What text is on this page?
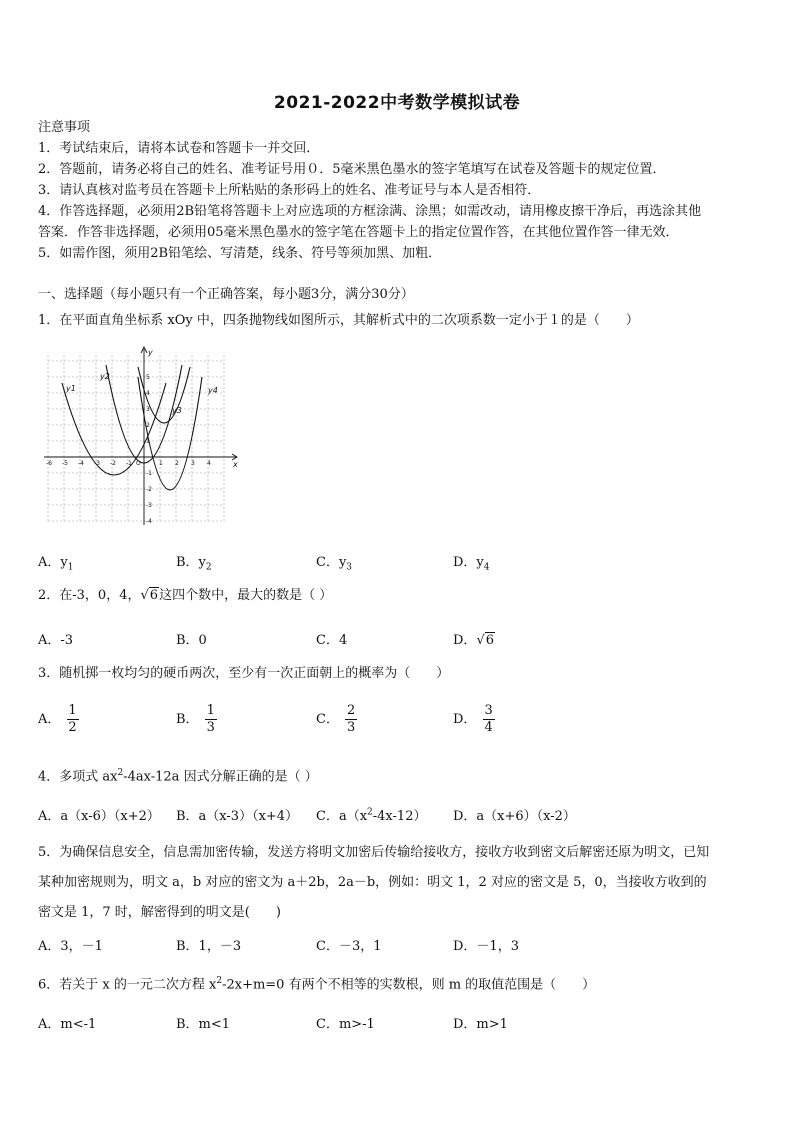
2021-2022中考数学模拟试卷
注意事项
1．考试结束后，请将本试卷和答题卡一并交回．
2．答题前，请务必将自己的姓名、准考证号用０．5毫米黑色墨水的签字笔填写在试卷及答题卡的规定位置．
3．请认真核对监考员在答题卡上所粘贴的条形码上的姓名、准考证号与本人是否相符．
4．作答选择题，必须用2B铅笔将答题卡上对应选项的方框涂满、涂黑；如需改动，请用橡皮擦干净后，再选涂其他
答案．作答非选择题，必须用05毫米黑色墨水的签字笔在答题卡上的指定位置作答，在其他位置作答一律无效．
5．如需作图，须用2B铅笔绘、写清楚，线条、符号等须加黑、加粗．
一、选择题（每小题只有一个正确答案，每小题3分，满分30分）
1．在平面直角坐标系 xOy 中，四条抛物线如图所示，其解析式中的二次项系数一定小于１的是（　　）
y1
y2
y4
x
y
O
-6 -5 -4 -3 -2 -1	1 2 3 4
5
4
3
2
1
-1
-2
-3
-4
y3
A．$y_1$	B．$y_2$	C．$y_3$	D．$y_4$
2．在-3，0，4，√6这四个数中，最大的数是（ ）
A．-3	B．0	C．4	D．√6
3．随机掷一枚均匀的硬币两次，至少有一次正面朝上的概率为（　　）
A． $\frac{1}{2}$	B． $\frac{1}{3}$	C． $\frac{2}{3}$	D． $\frac{3}{4}$
4．多项式 $ax^2-4ax-12a$ 因式分解正确的是（ ）
A．a（x-6）（x+2） B．a（x-3）（x+4） C．$a(x^2-4x-12)$ D．a（x+6）（x-2）
5．为确保信息安全，信息需加密传输，发送方将明文加密后传输给接收方，接收方收到密文后解密还原为明文，已知
某种加密规则为，明文 a，b 对应的密文为 a＋2b，2a－b，例如：明文 1，2 对应的密文是 5，0，当接收方收到的
密文是 1，7 时，解密得到的明文是(　　)
A．3，－1	B．1，－3	C．－3，1	D．－1，3
6．若关于 x 的一元二次方程 $x^2-2x+m=0$ 有两个不相等的实数根，则 m 的取值范围是（　　）
A．m<-1	B．m<1	C．m>-1	D．m>1
